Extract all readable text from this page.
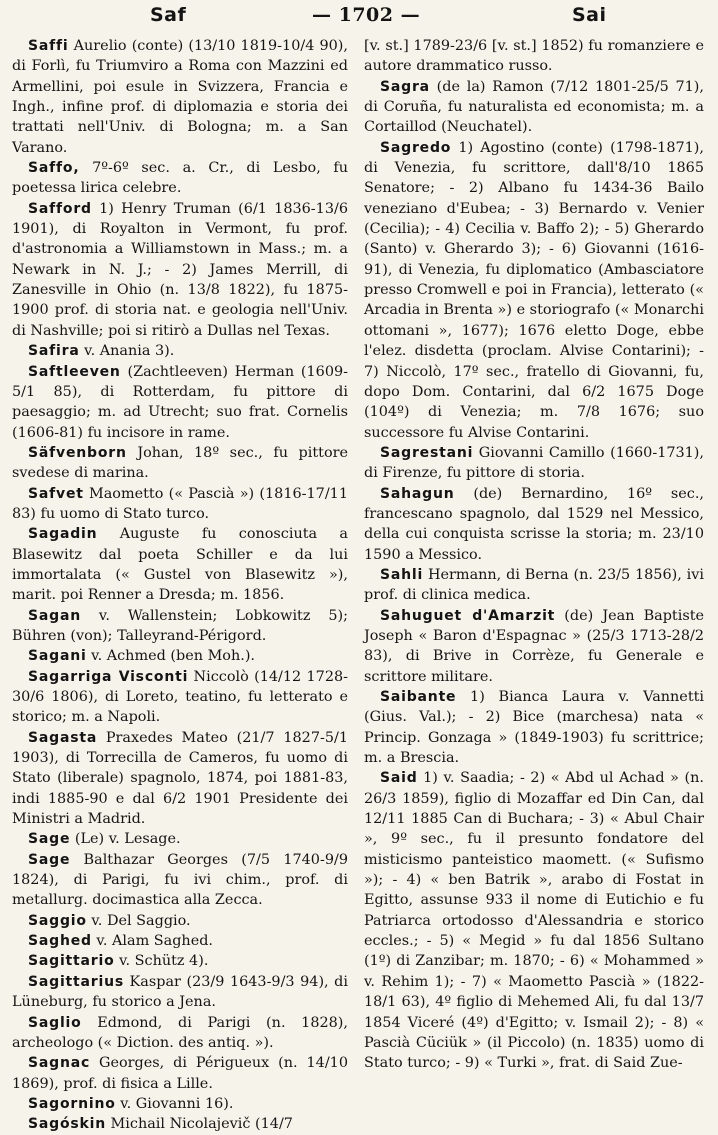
Saf	— 1702 —	Sai

Saffi Aurelio (conte) (13/10 1819-10/4 90), di Forlì, fu Triumviro a Roma con Mazzini ed Armellini, poi esule in Svizzera, Francia e Ingh., infine prof. di diplomazia e storia dei trattati nell'Univ. di Bologna; m. a San Varano.

Saffo, 7º-6º sec. a. Cr., di Lesbo, fu poetessa lirica celebre.

Safford 1) Henry Truman (6/1 1836-13/6 1901), di Royalton in Vermont, fu prof. d'astronomia a Williamstown in Mass.; m. a Newark in N. J.; - 2) James Merrill, di Zanesville in Ohio (n. 13/8 1822), fu 1875-1900 prof. di storia nat. e geologia nell'Univ. di Nashville; poi si ritirò a Dullas nel Texas.

Safira v. Anania 3).

Saftleeven (Zachtleeven) Herman (1609-5/1 85), di Rotterdam, fu pittore di paesaggio; m. ad Utrecht; suo frat. Cornelis (1606-81) fu incisore in rame.

Säfvenborn Johan, 18º sec., fu pittore svedese di marina.

Safvet Maometto (« Pascià ») (1816-17/11 83) fu uomo di Stato turco.

Sagadin Auguste fu conosciuta a Blasewitz dal poeta Schiller e da lui immortalata (« Gustel von Blasewitz »), marit. poi Renner a Dresda; m. 1856.

Sagan v. Wallenstein; Lobkowitz 5); Bühren (von); Talleyrand-Périgord.

Sagani v. Achmed (ben Moh.).

Sagarriga Visconti Niccolò (14/12 1728-30/6 1806), di Loreto, teatino, fu letterato e storico; m. a Napoli.

Sagasta Praxedes Mateo (21/7 1827-5/1 1903), di Torrecilla de Cameros, fu uomo di Stato (liberale) spagnolo, 1874, poi 1881-83, indi 1885-90 e dal 6/2 1901 Presidente dei Ministri a Madrid.

Sage (Le) v. Lesage.

Sage Balthazar Georges (7/5 1740-9/9 1824), di Parigi, fu ivi chim., prof. di metallurg. docimastica alla Zecca.

Saggio v. Del Saggio.

Saghed v. Alam Saghed.

Sagittario v. Schütz 4).

Sagittarius Kaspar (23/9 1643-9/3 94), di Lüneburg, fu storico a Jena.

Saglio Edmond, di Parigi (n. 1828), archeologo (« Diction. des antiq. »).

Sagnac Georges, di Périgueux (n. 14/10 1869), prof. di fisica a Lille.

Sagornino v. Giovanni 16).

Sagóskin Michail Nicolajevič (14/7

[v. st.] 1789-23/6 [v. st.] 1852) fu romanziere e autore drammatico russo.

Sagra (de la) Ramon (7/12 1801-25/5 71), di Coruña, fu naturalista ed economista; m. a Cortaillod (Neuchatel).

Sagredo 1) Agostino (conte) (1798-1871), di Venezia, fu scrittore, dall'8/10 1865 Senatore; - 2) Albano fu 1434-36 Bailo veneziano d'Eubea; - 3) Bernardo v. Venier (Cecilia); - 4) Cecilia v. Baffo 2); - 5) Gherardo (Santo) v. Gherardo 3); - 6) Giovanni (1616-91), di Venezia, fu diplomatico (Ambasciatore presso Cromwell e poi in Francia), letterato (« Arcadia in Brenta ») e storiografo (« Monarchi ottomani », 1677); 1676 eletto Doge, ebbe l'elez. disdetta (proclam. Alvise Contarini); - 7) Niccolò, 17º sec., fratello di Giovanni, fu, dopo Dom. Contarini, dal 6/2 1675 Doge (104º) di Venezia; m. 7/8 1676; suo successore fu Alvise Contarini.

Sagrestani Giovanni Camillo (1660-1731), di Firenze, fu pittore di storia.

Sahagun (de) Bernardino, 16º sec., francescano spagnolo, dal 1529 nel Messico, della cui conquista scrisse la storia; m. 23/10 1590 a Messico.

Sahli Hermann, di Berna (n. 23/5 1856), ivi prof. di clinica medica.

Sahuguet d'Amarzit (de) Jean Baptiste Joseph « Baron d'Espagnac » (25/3 1713-28/2 83), di Brive in Corrèze, fu Generale e scrittore militare.

Saibante 1) Bianca Laura v. Vannetti (Gius. Val.); - 2) Bice (marchesa) nata « Princip. Gonzaga » (1849-1903) fu scrittrice; m. a Brescia.

Said 1) v. Saadia; - 2) « Abd ul Achad » (n. 26/3 1859), figlio di Mozaffar ed Din Can, dal 12/11 1885 Can di Buchara; - 3) « Abul Chair », 9º sec., fu il presunto fondatore del misticismo panteistico maomett. (« Sufismo »); - 4) « ben Batrik », arabo di Fostat in Egitto, assunse 933 il nome di Eutichio e fu Patriarca ortodosso d'Alessandria e storico eccles.; - 5) « Megid » fu dal 1856 Sultano (1º) di Zanzibar; m. 1870; - 6) « Mohammed » v. Rehim 1); - 7) « Maometto Pascià » (1822-18/1 63), 4º figlio di Mehemed Ali, fu dal 13/7 1854 Viceré (4º) d'Egitto; v. Ismail 2); - 8) « Pascià Cüciük » (il Piccolo) (n. 1835) uomo di Stato turco; - 9) « Turki », frat. di Said Zue-
